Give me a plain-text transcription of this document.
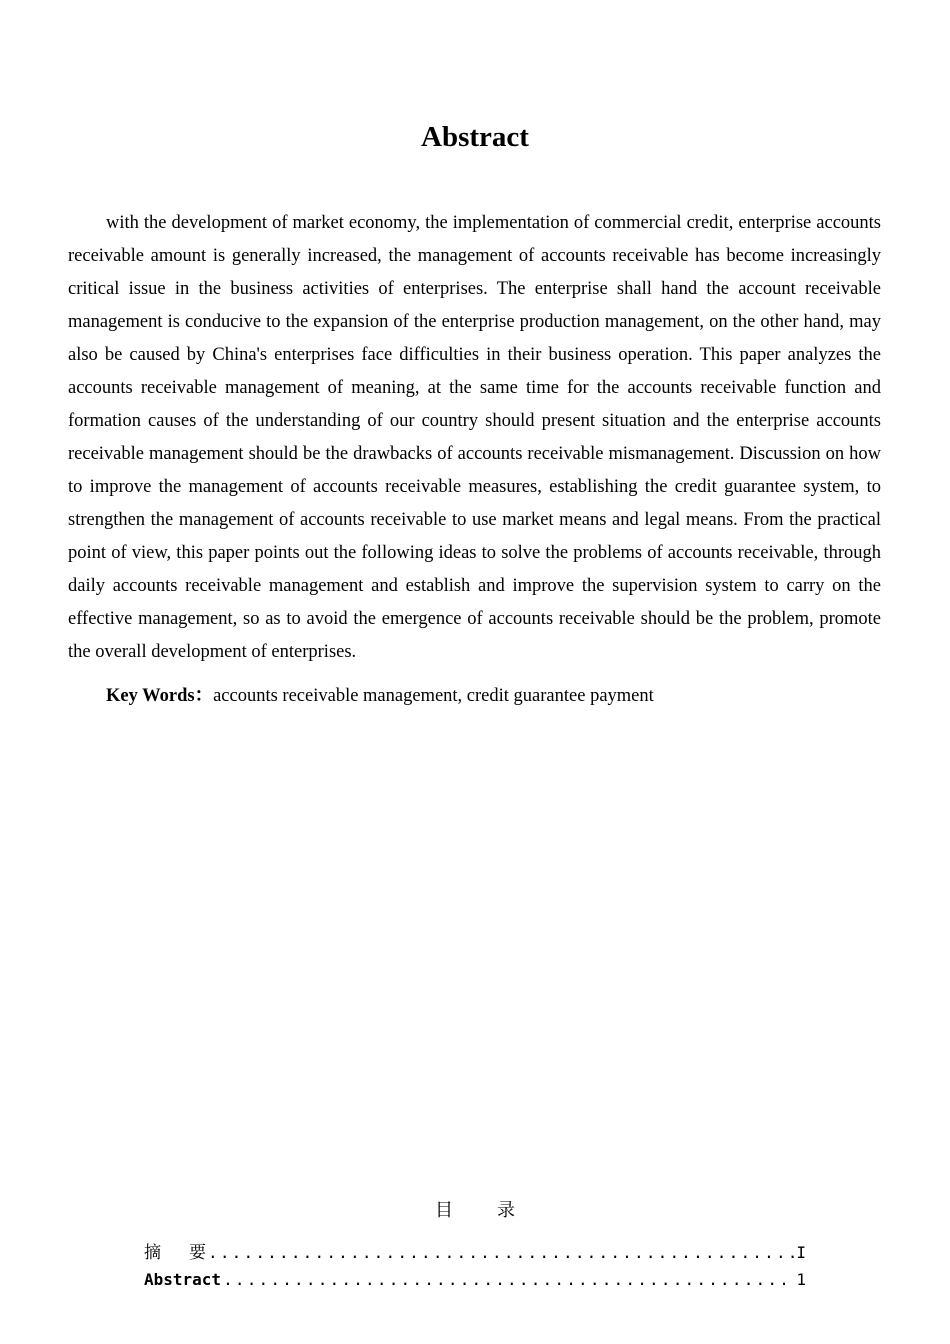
Abstract

with the development of market economy, the implementation of commercial credit, enterprise accounts receivable amount is generally increased, the management of accounts receivable has become increasingly critical issue in the business activities of enterprises. The enterprise shall hand the account receivable management is conducive to the expansion of the enterprise production management, on the other hand, may also be caused by China's enterprises face difficulties in their business operation. This paper analyzes the accounts receivable management of meaning, at the same time for the accounts receivable function and formation causes of the understanding of our country should present situation and the enterprise accounts receivable management should be the drawbacks of accounts receivable mismanagement. Discussion on how to improve the management of accounts receivable measures, establishing the credit guarantee system, to strengthen the management of accounts receivable to use market means and legal means. From the practical point of view, this paper points out the following ideas to solve the problems of accounts receivable, through daily accounts receivable management and establish and improve the supervision system to carry on the effective management, so as to avoid the emergence of accounts receivable should be the problem, promote the overall development of enterprises.

Key Words：accounts receivable management, credit guarantee payment
目录
摘要 .....	I
Abstract .....	1
